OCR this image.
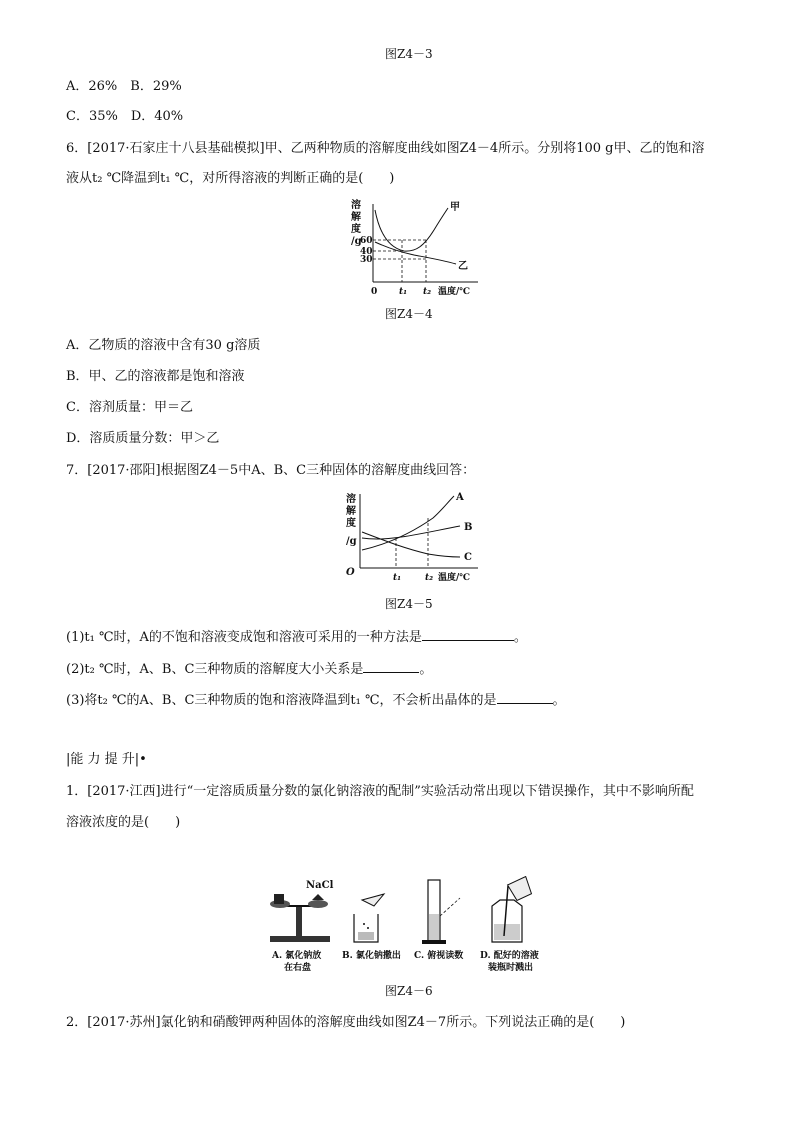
图Z4－3
A．26%　B．29%
C．35%　D．40%
6．[2017·石家庄十八县基础模拟]甲、乙两种物质的溶解度曲线如图Z4－4所示。分别将100 g甲、乙的饱和溶
液从t₂ ℃降温到t₁ ℃，对所得溶液的判断正确的是(　　)
溶
解
度
/g
60
40
30
甲
乙
0 t₁ t₂ 温度/℃
图Z4－4
A．乙物质的溶液中含有30 g溶质
B．甲、乙的溶液都是饱和溶液
C．溶剂质量：甲＝乙
D．溶质质量分数：甲＞乙
7．[2017·邵阳]根据图Z4－5中A、B、C三种固体的溶解度曲线回答：
溶
解
度
/g
O
A
B
C
t₁	t₂ 温度/℃
图Z4－5
(1)t₁ ℃时，A的不饱和溶液变成饱和溶液可采用的一种方法是	。
(2)t₂ ℃时，A、B、C三种物质的溶解度大小关系是	。
(3)将t₂ ℃的A、B、C三种物质的饱和溶液降温到t₁ ℃，不会析出晶体的是	。
|能 力 提 升|•
1．[2017·江西]进行“一定溶质质量分数的氯化钠溶液的配制”实验活动常出现以下错误操作，其中不影响所配
溶液浓度的是(　　)
NaCl
A. 氯化钠放
在右盘
B. 氯化钠撒出 C. 俯视读数 D. 配好的溶液
装瓶时溅出
图Z4－6
2．[2017·苏州]氯化钠和硝酸钾两种固体的溶解度曲线如图Z4－7所示。下列说法正确的是(　　)
